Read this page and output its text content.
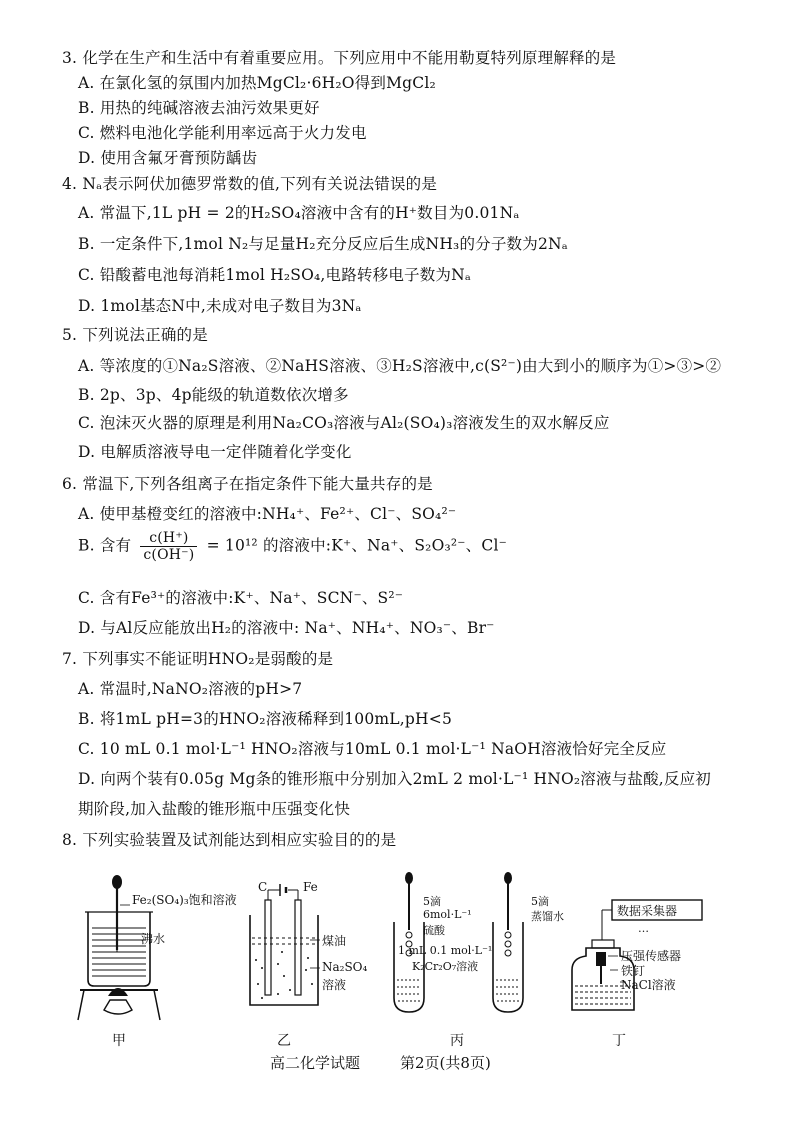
3. 化学在生产和生活中有着重要应用。下列应用中不能用勒夏特列原理解释的是
A. 在氯化氢的氛围内加热MgCl₂·6H₂O得到MgCl₂
B. 用热的纯碱溶液去油污效果更好
C. 燃料电池化学能利用率远高于火力发电
D. 使用含氟牙膏预防龋齿
4. Nₐ表示阿伏加德罗常数的值,下列有关说法错误的是
A. 常温下,1L pH = 2的H₂SO₄溶液中含有的H⁺数目为0.01Nₐ
B. 一定条件下,1mol N₂与足量H₂充分反应后生成NH₃的分子数为2Nₐ
C. 铅酸蓄电池每消耗1mol H₂SO₄,电路转移电子数为Nₐ
D. 1mol基态N中,未成对电子数目为3Nₐ
5. 下列说法正确的是
A. 等浓度的①Na₂S溶液、②NaHS溶液、③H₂S溶液中,c(S²⁻)由大到小的顺序为①>③>②
B. 2p、3p、4p能级的轨道数依次增多
C. 泡沫灭火器的原理是利用Na₂CO₃溶液与Al₂(SO₄)₃溶液发生的双水解反应
D. 电解质溶液导电一定伴随着化学变化
6. 常温下,下列各组离子在指定条件下能大量共存的是
A. 使甲基橙变红的溶液中:NH₄⁺、Fe²⁺、Cl⁻、SO₄²⁻
B. 含有 $\frac{c(H^+)}{c(OH^-)} = 10^{12}$ 的溶液中:K⁺、Na⁺、S₂O₃²⁻、Cl⁻
C. 含有Fe³⁺的溶液中:K⁺、Na⁺、SCN⁻、S²⁻
D. 与Al反应能放出H₂的溶液中: Na⁺、NH₄⁺、NO₃⁻、Br⁻
7. 下列事实不能证明HNO₂是弱酸的是
A. 常温时,NaNO₂溶液的pH>7
B. 将1mL pH=3的HNO₂溶液稀释到100mL,pH<5
C. 10 mL 0.1 mol·L⁻¹ HNO₂溶液与10mL 0.1 mol·L⁻¹ NaOH溶液恰好完全反应
D. 向两个装有0.05g Mg条的锥形瓶中分别加入2mL 2 mol·L⁻¹ HNO₂溶液与盐酸,反应初
期阶段,加入盐酸的锥形瓶中压强变化快
8. 下列实验装置及试剂能达到相应实验目的的是
Fe₂(SO₄)₃饱和溶液
沸水
甲
C	Fe
煤油
Na₂SO₄
溶液
乙
5滴
6mol·L⁻¹
硫酸
5滴
蒸馏水
1 mL 0.1 mol·L⁻¹
K₂Cr₂O₇溶液
丙
数据采集器
…
压强传感器
铁钉
NaCl溶液
丁
高二化学试题	第2页(共8页)
